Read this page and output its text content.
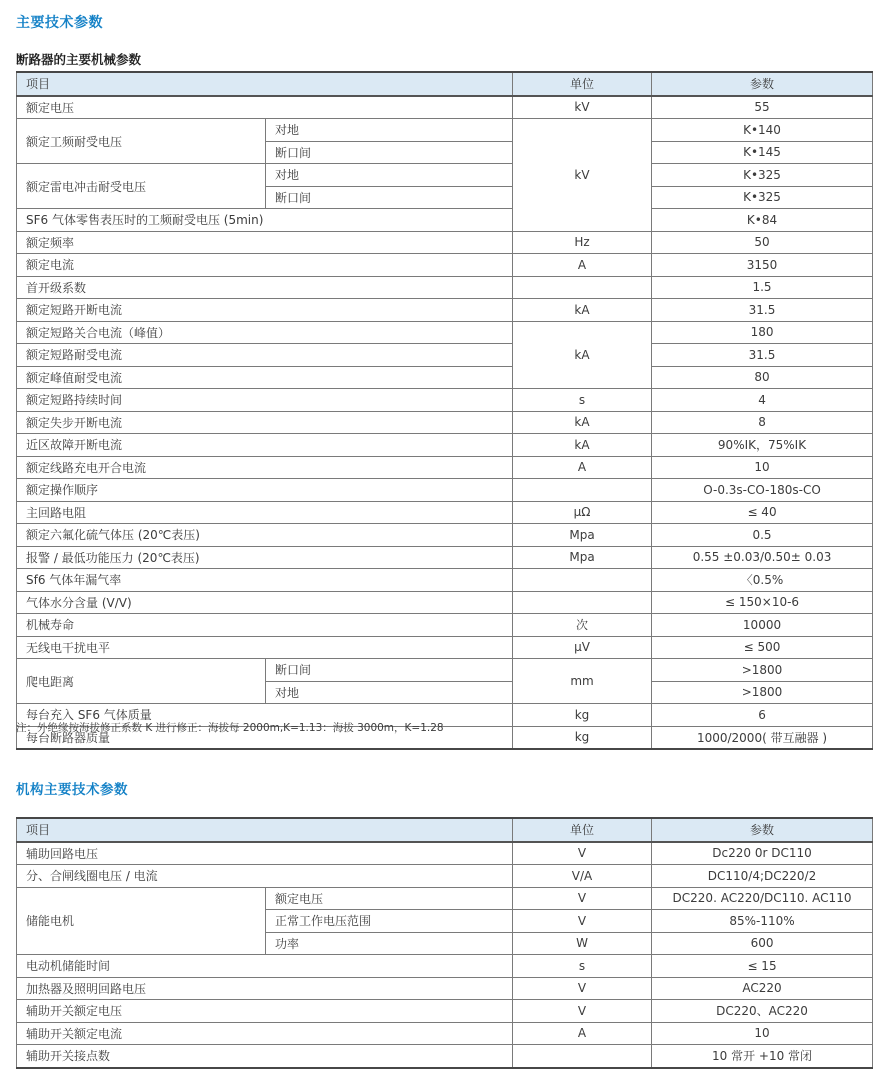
主要技术参数
断路器的主要机械参数
项目		单位	参数
额定电压		kV	55
额定工频耐受电压	对地	kV	K•140
	断口间		K•145
额定雷电冲击耐受电压	对地		K•325
	断口间		K•325
SF6 气体零售表压时的工频耐受电压 (5min)			K•84
额定频率		Hz	50
额定电流		A	3150
首开级系数			1.5
额定短路开断电流		kA	31.5
额定短路关合电流（峰值）		kA	180
额定短路耐受电流			31.5
额定峰值耐受电流			80
额定短路持续时间		s	4
额定失步开断电流		kA	8
近区故障开断电流		kA	90%IK，75%IK
额定线路充电开合电流		A	10
额定操作顺序			O-0.3s-CO-180s-CO
主回路电阻		μΩ	≤ 40
额定六氟化硫气体压 (20℃表压)		Mpa	0.5
报警 / 最低功能压力 (20℃表压)		Mpa	0.55 ±0.03/0.50± 0.03
Sf6 气体年漏气率			〈0.5%
气体水分含量 (V/V)			≤ 150×10-6
机械寿命		次	10000
无线电干扰电平		μV	≤ 500
爬电距离	断口间	mm	>1800
	对地		>1800
每台充入 SF6 气体质量		kg	6
每台断路器质量		kg	1000/2000( 带互融器 )
注：外绝缘按海拔修正系数 K 进行修正：海拔每 2000m,K=1.13：海拔 3000m，K=1.28
机构主要技术参数
项目		单位	参数
辅助回路电压		V	Dc220 0r DC110
分、合闸线圈电压 / 电流		V/A	DC110/4;DC220/2
储能电机	额定电压	V	DC220. AC220/DC110. AC110
	正常工作电压范围	V	85%-110%
	功率	W	600
电动机储能时间		s	≤ 15
加热器及照明回路电压		V	AC220
辅助开关额定电压		V	DC220、AC220
辅助开关额定电流		A	10
辅助开关接点数			10 常开 +10 常闭
